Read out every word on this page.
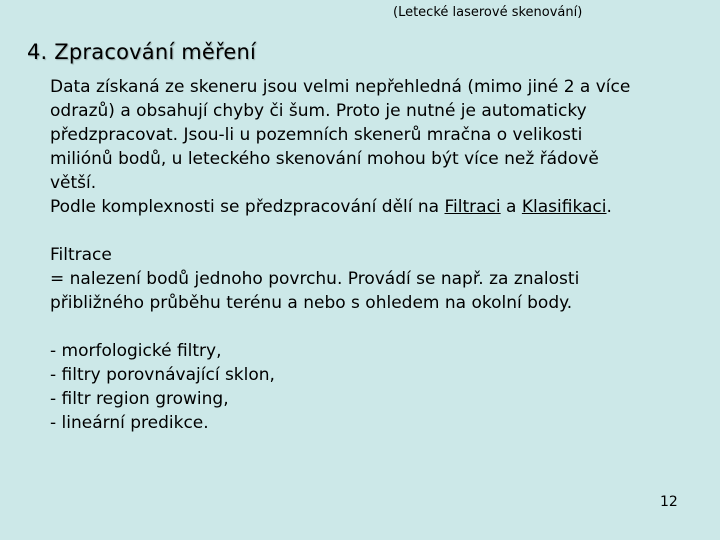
(Letecké laserové skenování)
4. Zpracování měření
Data získaná ze skeneru jsou velmi nepřehledná (mimo jiné 2 a více
odrazů) a obsahují chyby či šum. Proto je nutné je automaticky
předzpracovat. Jsou-li u pozemních skenerů mračna o velikosti
miliónů bodů, u leteckého skenování mohou být více než řádově
větší.
Podle komplexnosti se předzpracování dělí na Filtraci a Klasifikaci.
Filtrace
= nalezení bodů jednoho povrchu. Provádí se např. za znalosti
přibližného průběhu terénu a nebo s ohledem na okolní body.
- morfologické filtry,
- filtry porovnávající sklon,
- filtr region growing,
- lineární predikce.
12
